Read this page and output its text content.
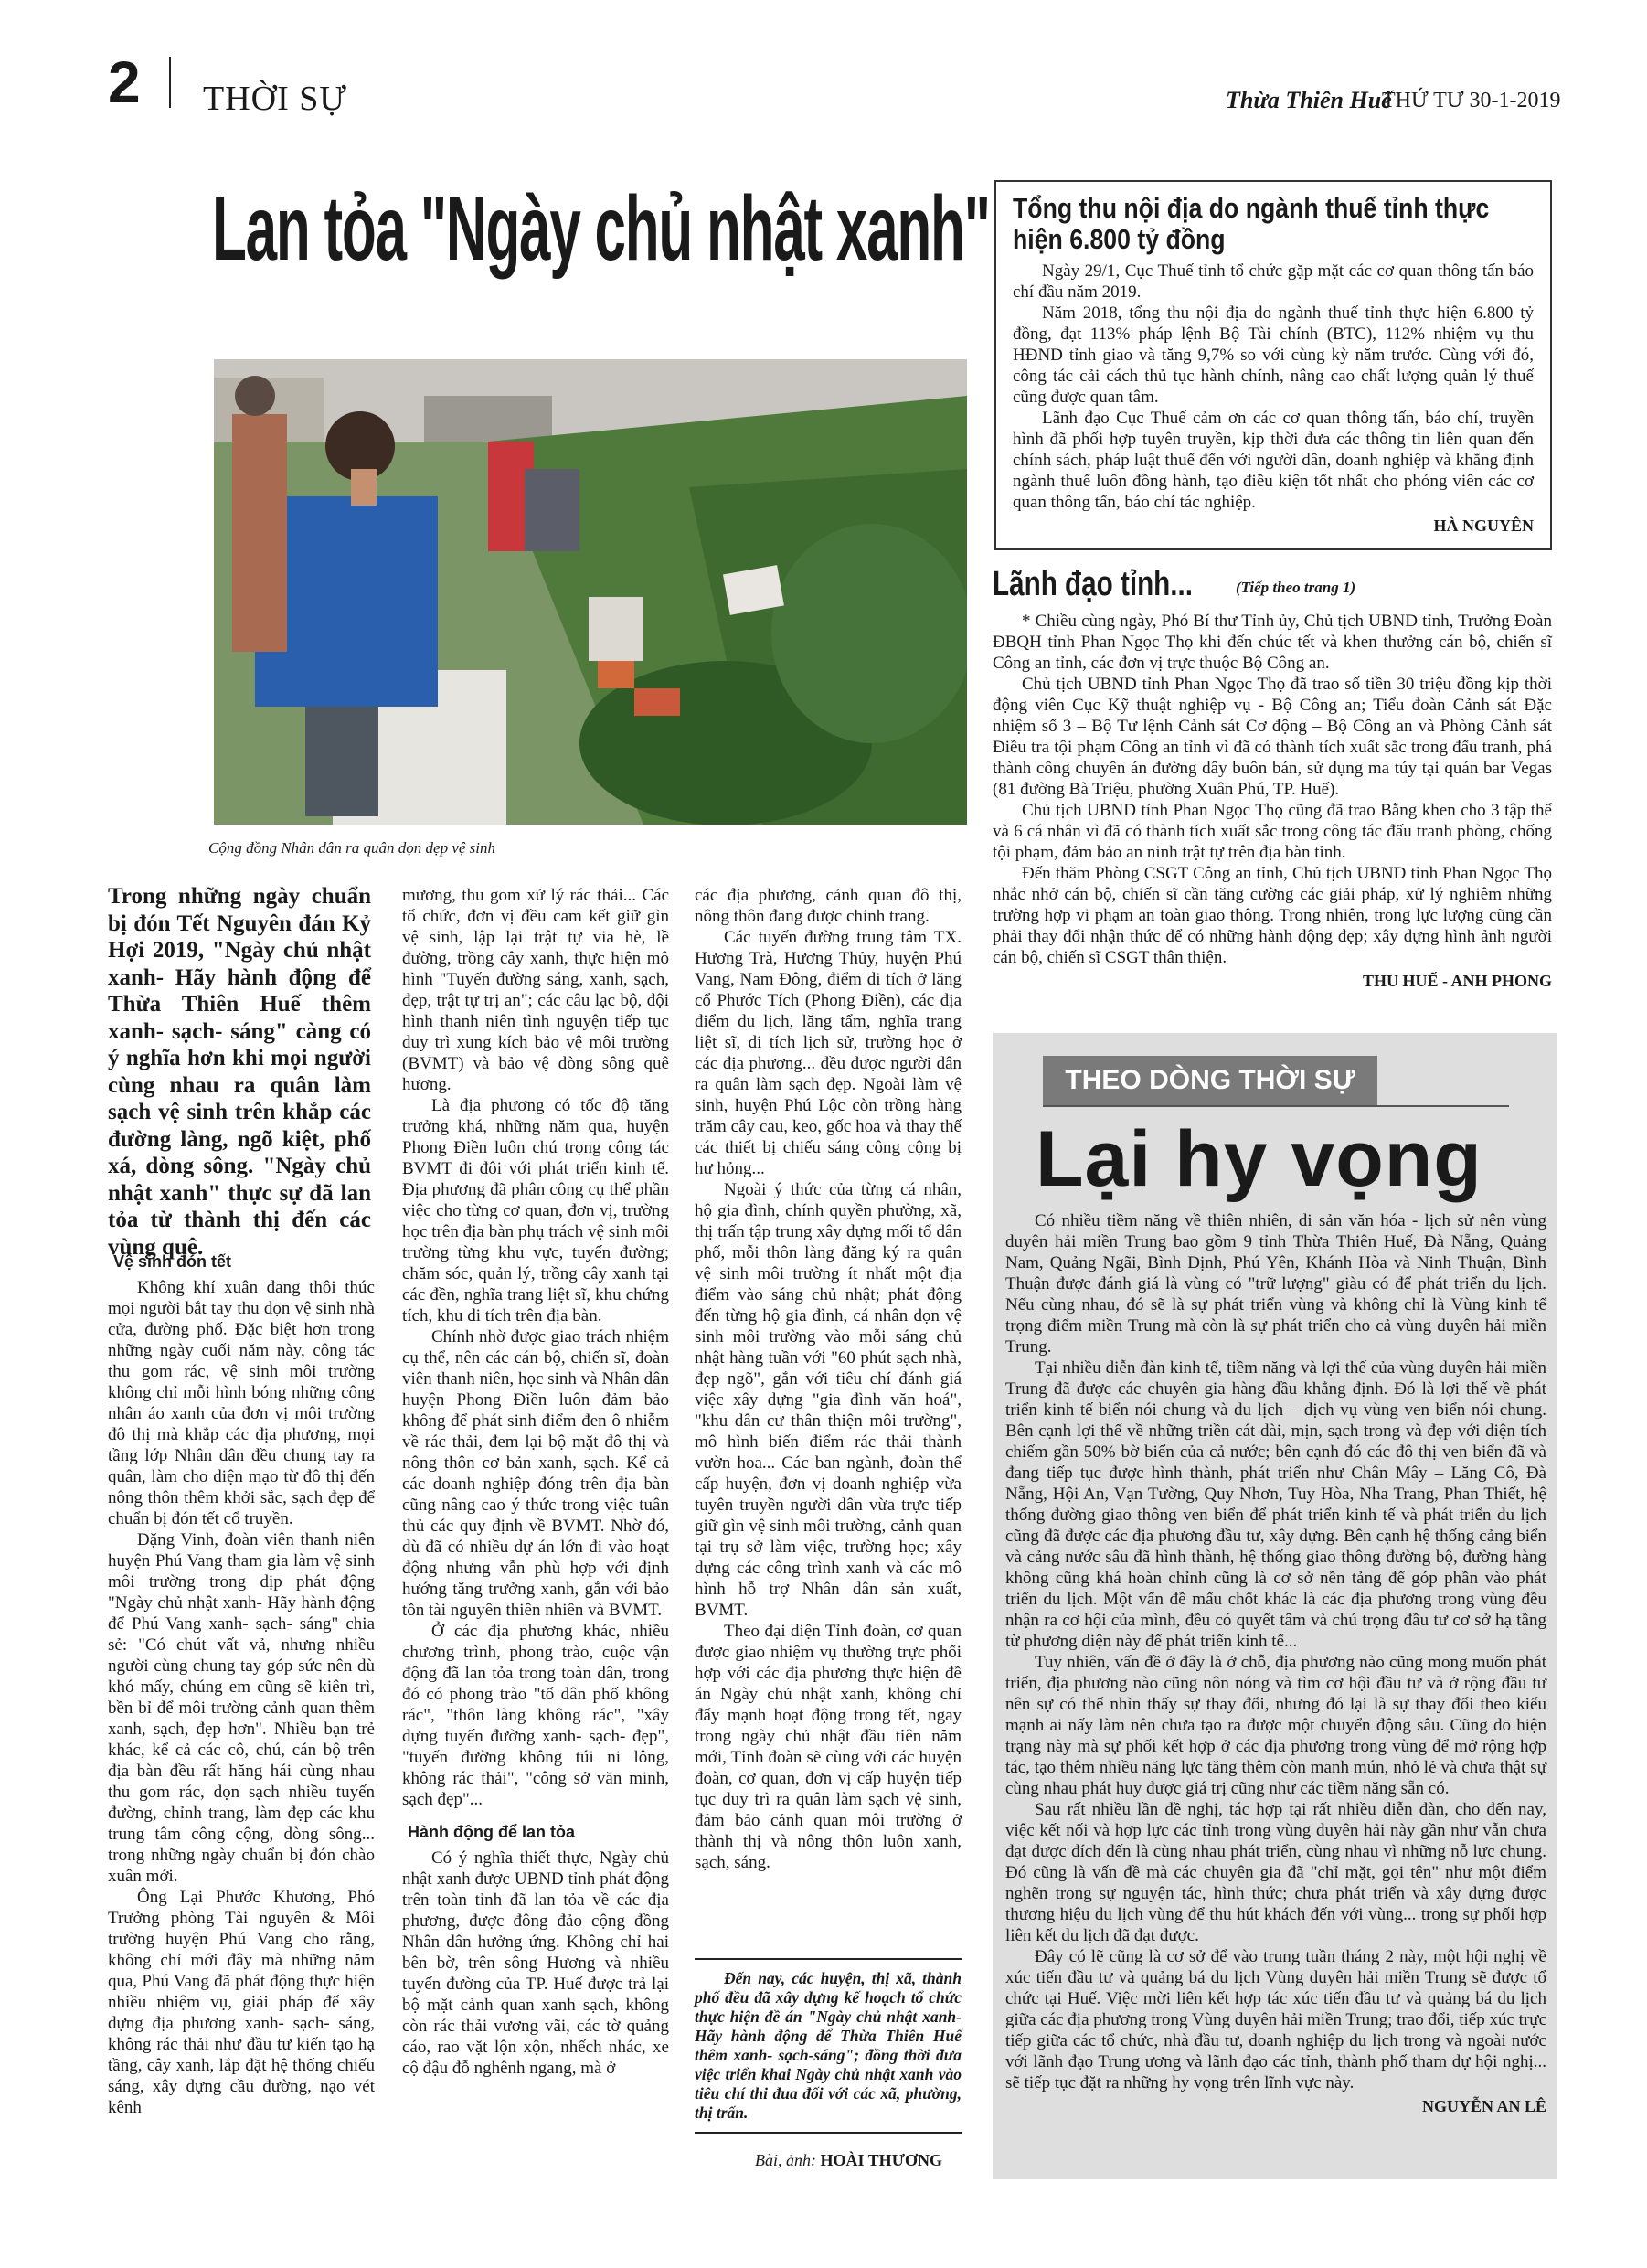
2 THỜI SỰ	Thừa Thiên Huế
THỨ TƯ 30-1-2019
Lan tỏa "Ngày chủ nhật xanh"
Cộng đồng Nhân dân ra quân dọn dẹp vệ sinh
Trong những ngày chuẩn bị đón Tết Nguyên đán Kỷ Hợi 2019, "Ngày chủ nhật xanh- Hãy hành động để Thừa Thiên Huế thêm xanh- sạch- sáng" càng có ý nghĩa hơn khi mọi người cùng nhau ra quân làm sạch vệ sinh trên khắp các đường làng, ngõ kiệt, phố xá, dòng sông. "Ngày chủ nhật xanh" thực sự đã lan tỏa từ thành thị đến các vùng quê.
Vệ sinh đón tết

Không khí xuân đang thôi thúc mọi người bắt tay thu dọn vệ sinh nhà cửa, đường phố. Đặc biệt hơn trong những ngày cuối năm này, công tác thu gom rác, vệ sinh môi trường không chỉ mỗi hình bóng những công nhân áo xanh của đơn vị môi trường đô thị mà khắp các địa phương, mọi tầng lớp Nhân dân đều chung tay ra quân, làm cho diện mạo từ đô thị đến nông thôn thêm khởi sắc, sạch đẹp để chuẩn bị đón tết cổ truyền.

Đặng Vinh, đoàn viên thanh niên huyện Phú Vang tham gia làm vệ sinh môi trường trong dịp phát động "Ngày chủ nhật xanh- Hãy hành động để Phú Vang xanh- sạch- sáng" chia sẻ: "Có chút vất vả, nhưng nhiều người cùng chung tay góp sức nên dù khó mấy, chúng em cũng sẽ kiên trì, bền bỉ để môi trường cảnh quan thêm xanh, sạch, đẹp hơn". Nhiều bạn trẻ khác, kể cả các cô, chú, cán bộ trên địa bàn đều rất hăng hái cùng nhau thu gom rác, dọn sạch nhiều tuyến đường, chỉnh trang, làm đẹp các khu trung tâm công cộng, dòng sông... trong những ngày chuẩn bị đón chào xuân mới.

Ông Lại Phước Khương, Phó Trưởng phòng Tài nguyên & Môi trường huyện Phú Vang cho rằng, không chỉ mới đây mà những năm qua, Phú Vang đã phát động thực hiện nhiều nhiệm vụ, giải pháp để xây dựng địa phương xanh- sạch- sáng, không rác thải như đầu tư kiến tạo hạ tầng, cây xanh, lắp đặt hệ thống chiếu sáng, xây dựng cầu đường, nạo vét kênh

mương, thu gom xử lý rác thải... Các tổ chức, đơn vị đều cam kết giữ gìn vệ sinh, lập lại trật tự via hè, lề đường, trồng cây xanh, thực hiện mô hình "Tuyến đường sáng, xanh, sạch, đẹp, trật tự trị an"; các câu lạc bộ, đội hình thanh niên tình nguyện tiếp tục duy trì xung kích bảo vệ môi trường (BVMT) và bảo vệ dòng sông quê hương.

Là địa phương có tốc độ tăng trưởng khá, những năm qua, huyện Phong Điền luôn chú trọng công tác BVMT đi đôi với phát triển kinh tế. Địa phương đã phân công cụ thể phần việc cho từng cơ quan, đơn vị, trường học trên địa bàn phụ trách vệ sinh môi trường từng khu vực, tuyến đường; chăm sóc, quản lý, trồng cây xanh tại các đền, nghĩa trang liệt sĩ, khu chứng tích, khu di tích trên địa bàn.

Chính nhờ được giao trách nhiệm cụ thể, nên các cán bộ, chiến sĩ, đoàn viên thanh niên, học sinh và Nhân dân huyện Phong Điền luôn đảm bảo không để phát sinh điểm đen ô nhiễm về rác thải, đem lại bộ mặt đô thị và nông thôn cơ bản xanh, sạch. Kể cả các doanh nghiệp đóng trên địa bàn cũng nâng cao ý thức trong việc tuân thủ các quy định về BVMT. Nhờ đó, dù đã có nhiều dự án lớn đi vào hoạt động nhưng vẫn phù hợp với định hướng tăng trưởng xanh, gắn với bảo tồn tài nguyên thiên nhiên và BVMT.

Ở các địa phương khác, nhiều chương trình, phong trào, cuộc vận động đã lan tỏa trong toàn dân, trong đó có phong trào "tổ dân phố không rác", "thôn làng không rác", "xây dựng tuyến đường xanh- sạch- đẹp", "tuyến đường không túi ni lông, không rác thải", "công sở văn minh, sạch đẹp"...

Hành động để lan tỏa

Có ý nghĩa thiết thực, Ngày chủ nhật xanh được UBND tỉnh phát động trên toàn tỉnh đã lan tỏa về các địa phương, được đông đảo cộng đồng Nhân dân hưởng ứng. Không chỉ hai bên bờ, trên sông Hương và nhiều tuyến đường của TP. Huế được trả lại bộ mặt cảnh quan xanh sạch, không còn rác thải vương vãi, các tờ quảng cáo, rao vặt lộn xộn, nhếch nhác, xe cộ đậu đỗ nghênh ngang, mà ở

các địa phương, cảnh quan đô thị, nông thôn đang được chỉnh trang.

Các tuyến đường trung tâm TX. Hương Trà, Hương Thủy, huyện Phú Vang, Nam Đông, điểm di tích ở lăng cổ Phước Tích (Phong Điền), các địa điểm du lịch, lăng tẩm, nghĩa trang liệt sĩ, di tích lịch sử, trường học ở các địa phương... đều được người dân ra quân làm sạch đẹp. Ngoài làm vệ sinh, huyện Phú Lộc còn trồng hàng trăm cây cau, keo, gốc hoa và thay thế các thiết bị chiếu sáng công cộng bị hư hỏng...

Ngoài ý thức của từng cá nhân, hộ gia đình, chính quyền phường, xã, thị trấn tập trung xây dựng mối tổ dân phố, mỗi thôn làng đăng ký ra quân vệ sinh môi trường ít nhất một địa điểm vào sáng chủ nhật; phát động đến từng hộ gia đình, cá nhân dọn vệ sinh môi trường vào mỗi sáng chủ nhật hàng tuần với "60 phút sạch nhà, đẹp ngõ", gắn với tiêu chí đánh giá việc xây dựng "gia đình văn hoá", "khu dân cư thân thiện môi trường", mô hình biến điểm rác thải thành vườn hoa... Các ban ngành, đoàn thể cấp huyện, đơn vị doanh nghiệp vừa tuyên truyền người dân vừa trực tiếp giữ gìn vệ sinh môi trường, cảnh quan tại trụ sở làm việc, trường học; xây dựng các công trình xanh và các mô hình hỗ trợ Nhân dân sản xuất, BVMT.

Theo đại diện Tỉnh đoàn, cơ quan được giao nhiệm vụ thường trực phối hợp với các địa phương thực hiện đề án Ngày chủ nhật xanh, không chỉ đẩy mạnh hoạt động trong tết, ngay trong ngày chủ nhật đầu tiên năm mới, Tỉnh đoàn sẽ cùng với các huyện đoàn, cơ quan, đơn vị cấp huyện tiếp tục duy trì ra quân làm sạch vệ sinh, đảm bảo cảnh quan môi trường ở thành thị và nông thôn luôn xanh, sạch, sáng.

Đến nay, các huyện, thị xã, thành phố đều đã xây dựng kế hoạch tổ chức thực hiện đề án "Ngày chủ nhật xanh- Hãy hành động để Thừa Thiên Huế thêm xanh- sạch-sáng"; đồng thời đưa việc triển khai Ngày chủ nhật xanh vào tiêu chí thi đua đối với các xã, phường, thị trấn.

Bài, ảnh: HOÀI THƯƠNG
Tổng thu nội địa do ngành thuế tỉnh thực hiện 6.800 tỷ đồng

Ngày 29/1, Cục Thuế tỉnh tổ chức gặp mặt các cơ quan thông tấn báo chí đầu năm 2019.

Năm 2018, tổng thu nội địa do ngành thuế tỉnh thực hiện 6.800 tỷ đồng, đạt 113% pháp lệnh Bộ Tài chính (BTC), 112% nhiệm vụ thu HĐND tỉnh giao và tăng 9,7% so với cùng kỳ năm trước. Cùng với đó, công tác cải cách thủ tục hành chính, nâng cao chất lượng quản lý thuế cũng được quan tâm.

Lãnh đạo Cục Thuế cảm ơn các cơ quan thông tấn, báo chí, truyền hình đã phối hợp tuyên truyền, kịp thời đưa các thông tin liên quan đến chính sách, pháp luật thuế đến với người dân, doanh nghiệp và khẳng định ngành thuế luôn đồng hành, tạo điều kiện tốt nhất cho phóng viên các cơ quan thông tấn, báo chí tác nghiệp.

HÀ NGUYÊN
Lãnh đạo tỉnh...	(Tiếp theo trang 1)

* Chiều cùng ngày, Phó Bí thư Tỉnh ủy, Chủ tịch UBND tỉnh, Trưởng Đoàn ĐBQH tỉnh Phan Ngọc Thọ khi đến chúc tết và khen thưởng cán bộ, chiến sĩ Công an tỉnh, các đơn vị trực thuộc Bộ Công an.

Chủ tịch UBND tỉnh Phan Ngọc Thọ đã trao số tiền 30 triệu đồng kịp thời động viên Cục Kỹ thuật nghiệp vụ - Bộ Công an; Tiểu đoàn Cảnh sát Đặc nhiệm số 3 – Bộ Tư lệnh Cảnh sát Cơ động – Bộ Công an và Phòng Cảnh sát Điều tra tội phạm Công an tỉnh vì đã có thành tích xuất sắc trong đấu tranh, phá thành công chuyên án đường dây buôn bán, sử dụng ma túy tại quán bar Vegas (81 đường Bà Triệu, phường Xuân Phú, TP. Huế).

Chủ tịch UBND tỉnh Phan Ngọc Thọ cũng đã trao Bằng khen cho 3 tập thể và 6 cá nhân vì đã có thành tích xuất sắc trong công tác đấu tranh phòng, chống tội phạm, đảm bảo an ninh trật tự trên địa bàn tỉnh.

Đến thăm Phòng CSGT Công an tỉnh, Chủ tịch UBND tỉnh Phan Ngọc Thọ nhắc nhở cán bộ, chiến sĩ cần tăng cường các giải pháp, xử lý nghiêm những trường hợp vi phạm an toàn giao thông. Trong nhiên, trong lực lượng cũng cần phải thay đổi nhận thức để có những hành động đẹp; xây dựng hình ảnh người cán bộ, chiến sĩ CSGT thân thiện.

THU HUẾ - ANH PHONG
THEO DÒNG THỜI SỰ
Lại hy vọng

Có nhiều tiềm năng về thiên nhiên, di sản văn hóa - lịch sử nên vùng duyên hải miền Trung bao gồm 9 tỉnh Thừa Thiên Huế, Đà Nẵng, Quảng Nam, Quảng Ngãi, Bình Định, Phú Yên, Khánh Hòa và Ninh Thuận, Bình Thuận được đánh giá là vùng có "trữ lượng" giàu có để phát triển du lịch. Nếu cùng nhau, đó sẽ là sự phát triển vùng và không chỉ là Vùng kinh tế trọng điểm miền Trung mà còn là sự phát triển cho cả vùng duyên hải miền Trung.

Tại nhiều diễn đàn kinh tế, tiềm năng và lợi thế của vùng duyên hải miền Trung đã được các chuyên gia hàng đầu khẳng định. Đó là lợi thế về phát triển kinh tế biển nói chung và du lịch – dịch vụ vùng ven biển nói chung. Bên cạnh lợi thế về những triền cát dài, mịn, sạch trong và đẹp với diện tích chiếm gần 50% bờ biển của cả nước; bên cạnh đó các đô thị ven biển đã và đang tiếp tục được hình thành, phát triển như Chân Mây – Lăng Cô, Đà Nẵng, Hội An, Vạn Tường, Quy Nhơn, Tuy Hòa, Nha Trang, Phan Thiết, hệ thống đường giao thông ven biển để phát triển kinh tế và phát triển du lịch cũng đã được các địa phương đầu tư, xây dựng. Bên cạnh hệ thống cảng biển và cảng nước sâu đã hình thành, hệ thống giao thông đường bộ, đường hàng không cũng khá hoàn chỉnh cũng là cơ sở nền tảng để góp phần vào phát triển du lịch. Một vấn đề mấu chốt khác là các địa phương trong vùng đều nhận ra cơ hội của mình, đều có quyết tâm và chú trọng đầu tư cơ sở hạ tầng từ phương diện này để phát triển kinh tế...

Tuy nhiên, vấn đề ở đây là ở chỗ, địa phương nào cũng mong muốn phát triển, địa phương nào cũng nôn nóng và tìm cơ hội đầu tư và ở rộng đầu tư nên sự có thể nhìn thấy sự thay đổi, nhưng đó lại là sự thay đổi theo kiểu mạnh ai nấy làm nên chưa tạo ra được một chuyển động sâu. Cũng do hiện trạng này mà sự phối kết hợp ở các địa phương trong vùng để mở rộng hợp tác, tạo thêm nhiều năng lực tăng thêm còn manh mún, nhỏ lẻ và chưa thật sự cùng nhau phát huy được giá trị cũng như các tiềm năng sẵn có.

Sau rất nhiều lần đề nghị, tác hợp tại rất nhiều diễn đàn, cho đến nay, việc kết nối và hợp lực các tỉnh trong vùng duyên hải này gần như vẫn chưa đạt được đích đến là cùng nhau phát triển, cùng nhau vì những nỗ lực chung. Đó cũng là vấn đề mà các chuyên gia đã "chỉ mặt, gọi tên" như một điểm nghẽn trong sự nguyện tác, hình thức; chưa phát triển và xây dựng được thương hiệu du lịch vùng để thu hút khách đến với vùng... trong sự phối hợp liên kết du lịch đã đạt được.

Đây có lẽ cũng là cơ sở để vào trung tuần tháng 2 này, một hội nghị về xúc tiến đầu tư và quảng bá du lịch Vùng duyên hải miền Trung sẽ được tổ chức tại Huế. Việc mời liên kết hợp tác xúc tiến đầu tư và quảng bá du lịch giữa các địa phương trong Vùng duyên hải miền Trung; trao đổi, tiếp xúc trực tiếp giữa các tổ chức, nhà đầu tư, doanh nghiệp du lịch trong và ngoài nước với lãnh đạo Trung ương và lãnh đạo các tỉnh, thành phố tham dự hội nghị... sẽ tiếp tục đặt ra những hy vọng trên lĩnh vực này.

NGUYỄN AN LÊ
